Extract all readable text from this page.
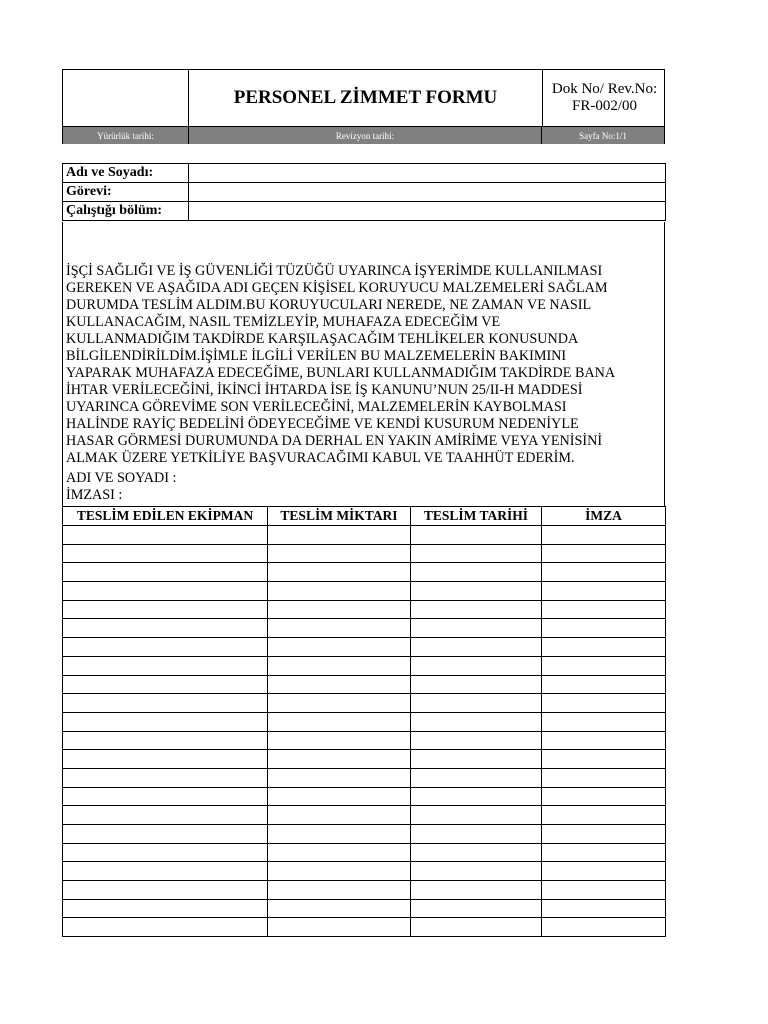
PERSONEL ZİMMET FORMU	Dok No/ Rev.No:
FR-002/00
Yürürlük tarihi:	Revizyon tarihi:	Sayfa No:1/1
Adı ve Soyadı:	
Görevi:	
Çalıştığı bölüm:	
İŞÇİ SAĞLIĞI VE İŞ GÜVENLİĞİ TÜZÜĞÜ UYARINCA İŞYERİMDE KULLANILMASI
GEREKEN VE AŞAĞIDA ADI GEÇEN KİŞİSEL KORUYUCU MALZEMELERİ SAĞLAM
DURUMDA TESLİM ALDIM.BU KORUYUCULARI NEREDE, NE ZAMAN VE NASIL
KULLANACAĞIM, NASIL TEMİZLEYİP, MUHAFAZA EDECEĞİM VE
KULLANMADIĞIM TAKDİRDE KARŞILAŞACAĞIM TEHLİKELER KONUSUNDA
BİLGİLENDİRİLDİM.İŞİMLE İLGİLİ VERİLEN BU MALZEMELERİN BAKIMINI
YAPARAK MUHAFAZA EDECEĞİME, BUNLARI KULLANMADIĞIM TAKDİRDE BANA
İHTAR VERİLECEĞİNİ, İKİNCİ İHTARDA İSE İŞ KANUNU’NUN 25/II-H MADDESİ
UYARINCA GÖREVİME SON VERİLECEĞİNİ, MALZEMELERİN KAYBOLMASI
HALİNDE RAYİÇ BEDELİNİ ÖDEYECEĞİME VE KENDİ KUSURUM NEDENİYLE
HASAR GÖRMESİ DURUMUNDA DA DERHAL EN YAKIN AMİRİME VEYA YENİSİNİ
ALMAK ÜZERE YETKİLİYE BAŞVURACAĞIMI KABUL VE TAAHHÜT EDERİM.
ADI VE SOYADI :
İMZASI :
TESLİM EDİLEN EKİPMAN	TESLİM MİKTARI	TESLİM TARİHİ	İMZA
